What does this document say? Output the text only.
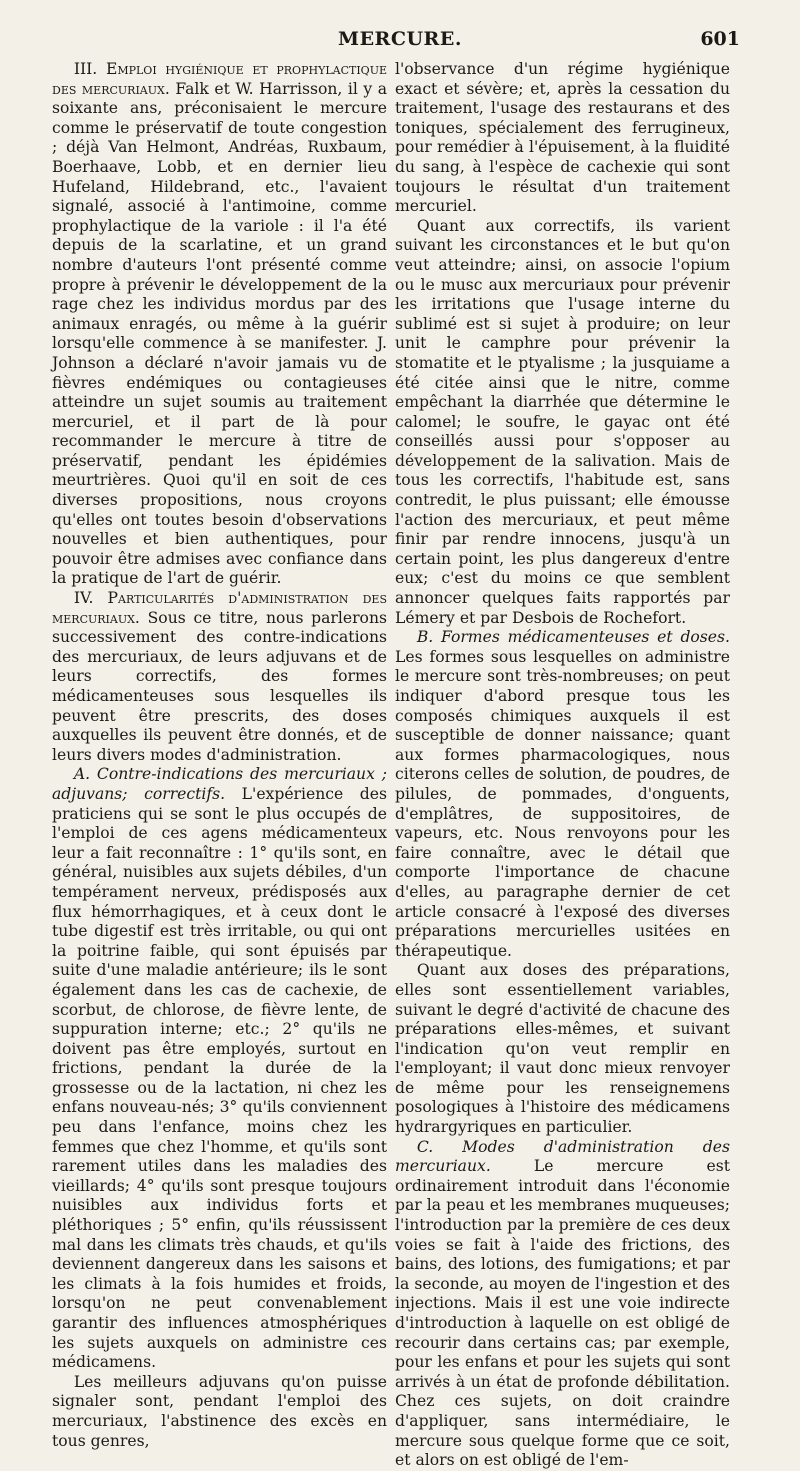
MERCURE.	601

III. Emploi hygiénique et prophylactique des mercuriaux. Falk et W. Harrisson, il y a soixante ans, préconisaient le mercure comme le préservatif de toute congestion ; déjà Van Helmont, Andréas, Ruxbaum, Boerhaave, Lobb, et en dernier lieu Hufeland, Hildebrand, etc., l'avaient signalé, associé à l'antimoine, comme prophylactique de la variole : il l'a été depuis de la scarlatine, et un grand nombre d'auteurs l'ont présenté comme propre à prévenir le développement de la rage chez les individus mordus par des animaux enragés, ou même à la guérir lorsqu'elle commence à se manifester. J. Johnson a déclaré n'avoir jamais vu de fièvres endémiques ou contagieuses atteindre un sujet soumis au traitement mercuriel, et il part de là pour recommander le mercure à titre de préservatif, pendant les épidémies meurtrières. Quoi qu'il en soit de ces diverses propositions, nous croyons qu'elles ont toutes besoin d'observations nouvelles et bien authentiques, pour pouvoir être admises avec confiance dans la pratique de l'art de guérir.

IV. Particularités d'administration des mercuriaux. Sous ce titre, nous parlerons successivement des contre-indications des mercuriaux, de leurs adjuvans et de leurs correctifs, des formes médicamenteuses sous lesquelles ils peuvent être prescrits, des doses auxquelles ils peuvent être donnés, et de leurs divers modes d'administration.

A. Contre-indications des mercuriaux ; adjuvans; correctifs. L'expérience des praticiens qui se sont le plus occupés de l'emploi de ces agens médicamenteux leur a fait reconnaître : 1° qu'ils sont, en général, nuisibles aux sujets débiles, d'un tempérament nerveux, prédisposés aux flux hémorrhagiques, et à ceux dont le tube digestif est très irritable, ou qui ont la poitrine faible, qui sont épuisés par suite d'une maladie antérieure; ils le sont également dans les cas de cachexie, de scorbut, de chlorose, de fièvre lente, de suppuration interne; etc.; 2° qu'ils ne doivent pas être employés, surtout en frictions, pendant la durée de la grossesse ou de la lactation, ni chez les enfans nouveau-nés; 3° qu'ils conviennent peu dans l'enfance, moins chez les femmes que chez l'homme, et qu'ils sont rarement utiles dans les maladies des vieillards; 4° qu'ils sont presque toujours nuisibles aux individus forts et pléthoriques ; 5° enfin, qu'ils réussissent mal dans les climats très chauds, et qu'ils deviennent dangereux dans les saisons et les climats à la fois humides et froids, lorsqu'on ne peut convenablement garantir des influences atmosphériques les sujets auxquels on administre ces médicamens.

Les meilleurs adjuvans qu'on puisse signaler sont, pendant l'emploi des mercuriaux, l'abstinence des excès en tous genres,

l'observance d'un régime hygiénique exact et sévère; et, après la cessation du traitement, l'usage des restaurans et des toniques, spécialement des ferrugineux, pour remédier à l'épuisement, à la fluidité du sang, à l'espèce de cachexie qui sont toujours le résultat d'un traitement mercuriel.

Quant aux correctifs, ils varient suivant les circonstances et le but qu'on veut atteindre; ainsi, on associe l'opium ou le musc aux mercuriaux pour prévenir les irritations que l'usage interne du sublimé est si sujet à produire; on leur unit le camphre pour prévenir la stomatite et le ptyalisme ; la jusquiame a été citée ainsi que le nitre, comme empêchant la diarrhée que détermine le calomel; le soufre, le gayac ont été conseillés aussi pour s'opposer au développement de la salivation. Mais de tous les correctifs, l'habitude est, sans contredit, le plus puissant; elle émousse l'action des mercuriaux, et peut même finir par rendre innocens, jusqu'à un certain point, les plus dangereux d'entre eux; c'est du moins ce que semblent annoncer quelques faits rapportés par Lémery et par Desbois de Rochefort.

B. Formes médicamenteuses et doses. Les formes sous lesquelles on administre le mercure sont très-nombreuses; on peut indiquer d'abord presque tous les composés chimiques auxquels il est susceptible de donner naissance; quant aux formes pharmacologiques, nous citerons celles de solution, de poudres, de pilules, de pommades, d'onguents, d'emplâtres, de suppositoires, de vapeurs, etc. Nous renvoyons pour les faire connaître, avec le détail que comporte l'importance de chacune d'elles, au paragraphe dernier de cet article consacré à l'exposé des diverses préparations mercurielles usitées en thérapeutique.

Quant aux doses des préparations, elles sont essentiellement variables, suivant le degré d'activité de chacune des préparations elles-mêmes, et suivant l'indication qu'on veut remplir en l'employant; il vaut donc mieux renvoyer de même pour les renseignemens posologiques à l'histoire des médicamens hydrargyriques en particulier.

C. Modes d'administration des mercuriaux.	Le mercure est ordinairement introduit dans l'économie par la peau et les membranes muqueuses; l'introduction par la première de ces deux voies se fait à l'aide des frictions, des bains, des lotions, des fumigations; et par la seconde, au moyen de l'ingestion et des injections. Mais il est une voie indirecte d'introduction à laquelle on est obligé de recourir dans certains cas; par exemple, pour les enfans et pour les sujets qui sont arrivés à un état de profonde débilitation. Chez ces sujets, on doit craindre d'appliquer, sans intermédiaire, le mercure sous quelque forme que ce soit, et alors on est obligé de l'em-
